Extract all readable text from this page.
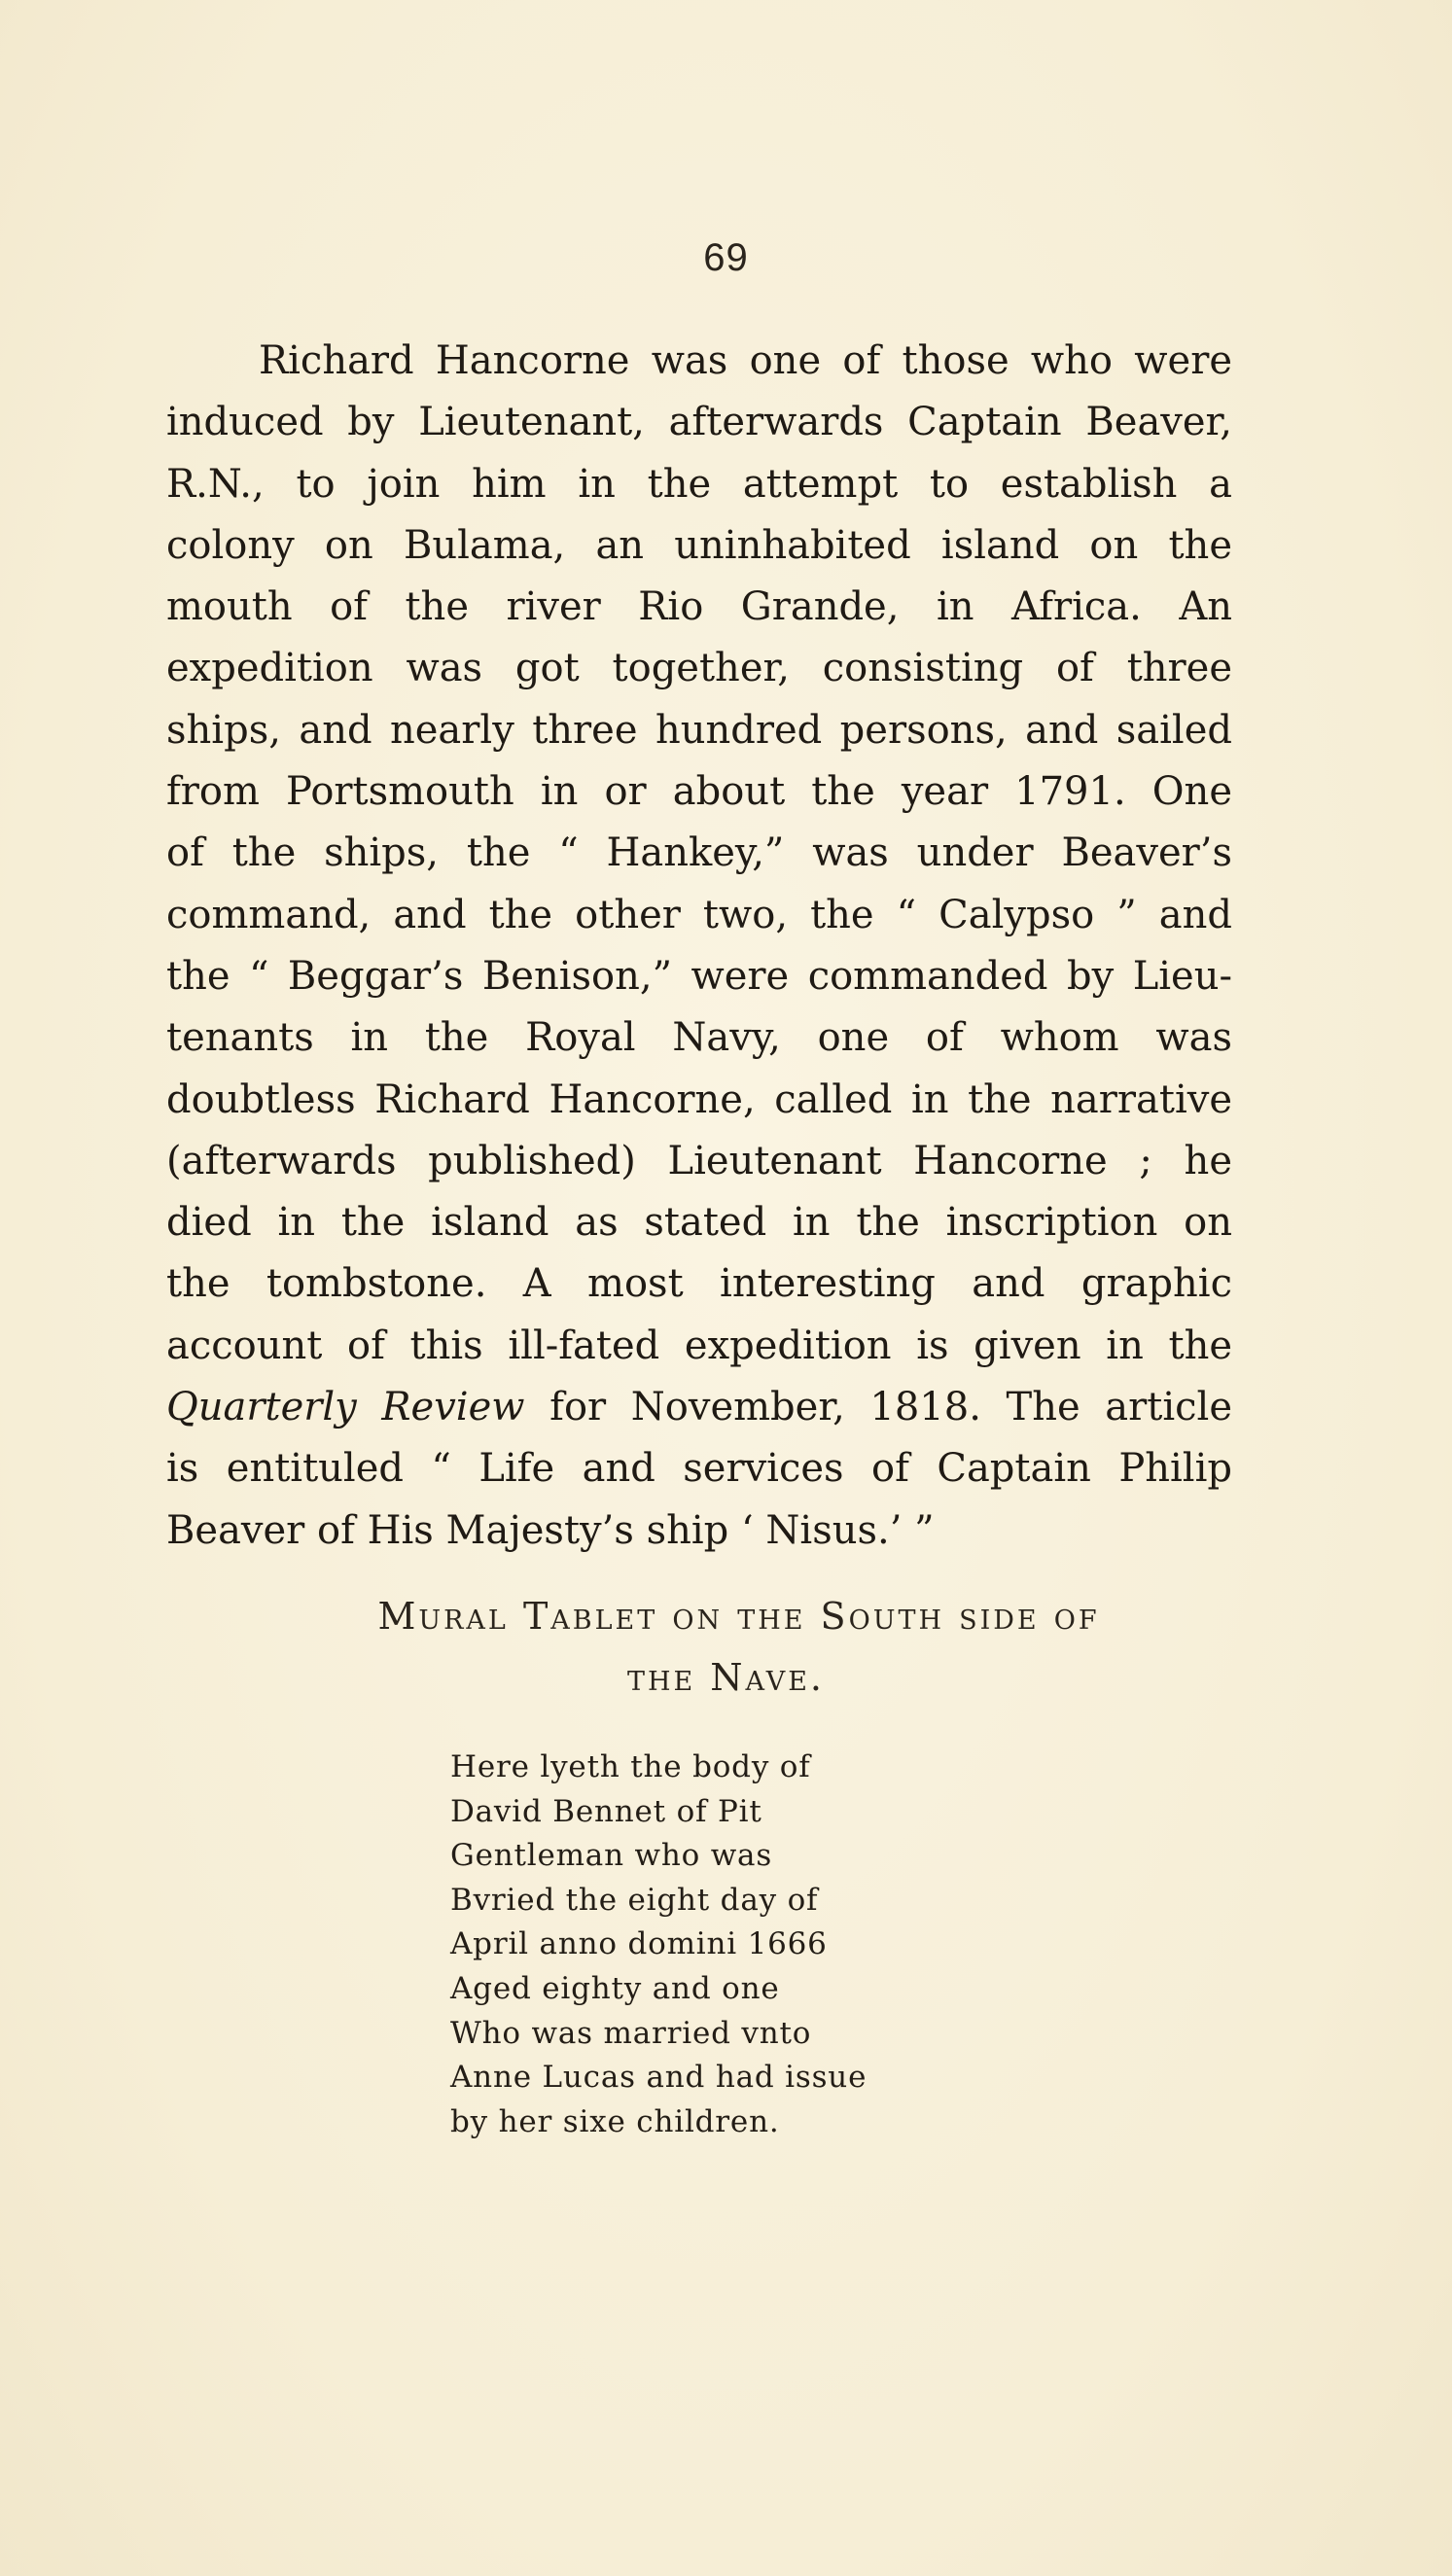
69
Richard Hancorne was one of those who were
induced by Lieutenant, afterwards Captain Beaver,
R.N., to join him in the attempt to establish a
colony on Bulama, an uninhabited island on the
mouth of the river Rio Grande, in Africa. An
expedition was got together, consisting of three
ships, and nearly three hundred persons, and sailed
from Portsmouth in or about the year 1791. One
of the ships, the “ Hankey,” was under Beaver’s
command, and the other two, the “ Calypso ” and
the “ Beggar’s Benison,” were commanded by Lieu-
tenants in the Royal Navy, one of whom was
doubtless Richard Hancorne, called in the narrative
(afterwards published) Lieutenant Hancorne ; he
died in the island as stated in the inscription on
the tombstone. A most interesting and graphic
account of this ill-fated expedition is given in the
Quarterly Review for November, 1818. The article
is entituled “ Life and services of Captain Philip
Beaver of His Majesty’s ship ‘ Nisus.’ ”
Mural Tablet on the South side of
the Nave.
Here lyeth the body of
David Bennet of Pit
Gentleman who was
Bvried the eight day of
April anno domini 1666
Aged eighty and one
Who was married vnto
Anne Lucas and had issue
by her sixe children.
